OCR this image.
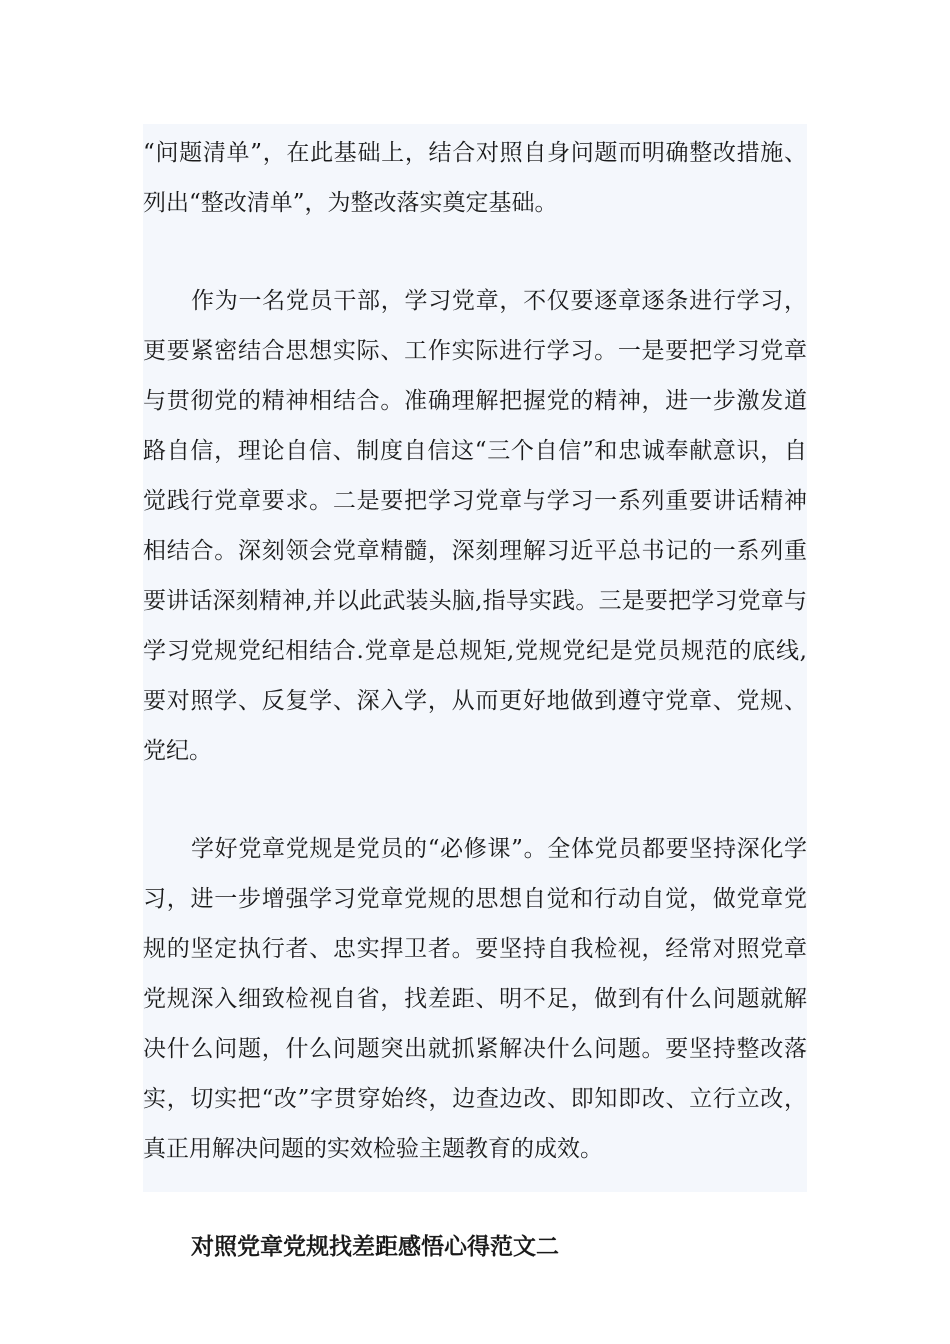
“问题清单”，在此基础上，结合对照自身问题而明确整改措施、列出“整改清单”，为整改落实奠定基础。

作为一名党员干部，学习党章，不仅要逐章逐条进行学习，更要紧密结合思想实际、工作实际进行学习。一是要把学习党章与贯彻党的精神相结合。准确理解把握党的精神，进一步激发道路自信，理论自信、制度自信这“三个自信”和忠诚奉献意识，自觉践行党章要求。二是要把学习党章与学习一系列重要讲话精神相结合。深刻领会党章精髓，深刻理解习近平总书记的一系列重要讲话深刻精神,并以此武装头脑,指导实践。三是要把学习党章与学习党规党纪相结合.党章是总规矩,党规党纪是党员规范的底线,要对照学、反复学、深入学，从而更好地做到遵守党章、党规、党纪。

学好党章党规是党员的“必修课”。全体党员都要坚持深化学习，进一步增强学习党章党规的思想自觉和行动自觉，做党章党规的坚定执行者、忠实捍卫者。要坚持自我检视，经常对照党章党规深入细致检视自省，找差距、明不足，做到有什么问题就解决什么问题，什么问题突出就抓紧解决什么问题。要坚持整改落实，切实把“改”字贯穿始终，边查边改、即知即改、立行立改，真正用解决问题的实效检验主题教育的成效。

对照党章党规找差距感悟心得范文二
